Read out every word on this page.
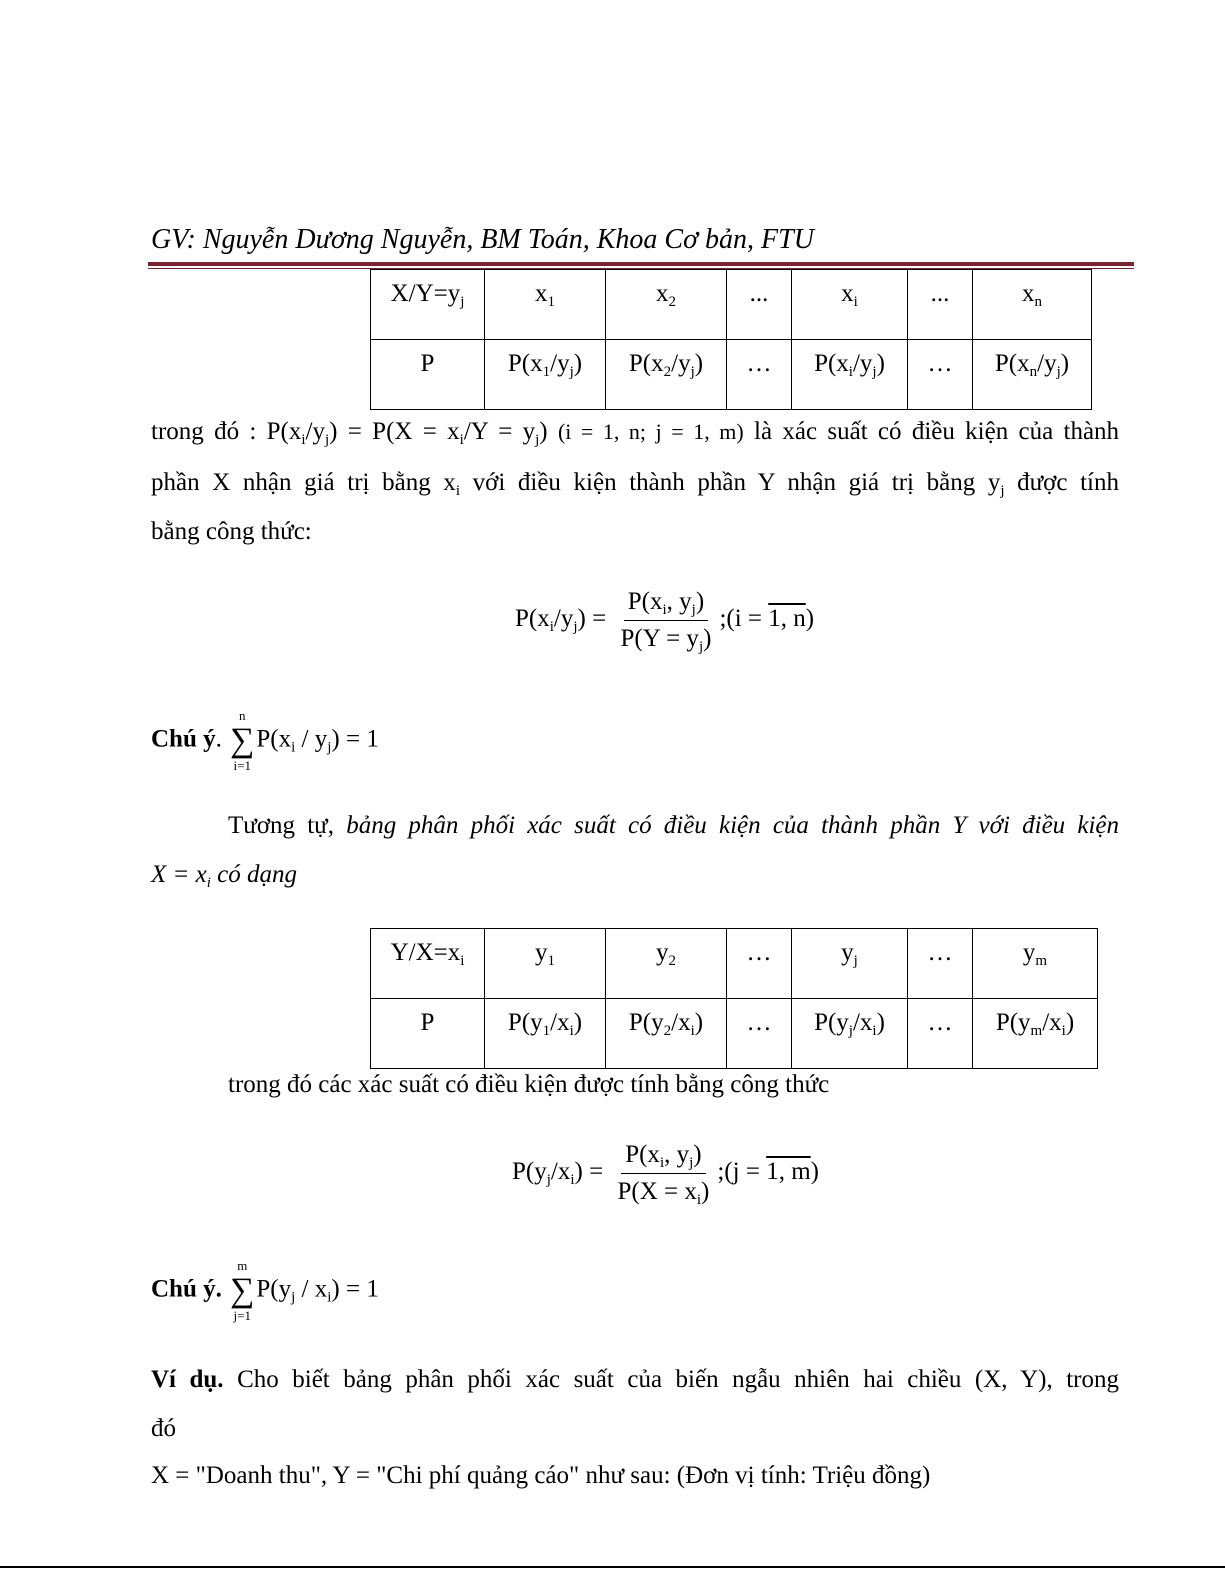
GV: Nguyễn Dương Nguyễn, BM Toán, Khoa Cơ bản, FTU
$X/Y=y_j$	$x_1$	$x_2$	...	$x_i$	...	$x_n$
P	$P(x_1/y_j)$	$P(x_2/y_j)$	…	$P(x_i/y_j)$	…	$P(x_n/y_j)$
trong đó : $P(x_i/y_j) = P(X = x_i/Y = y_j) (i = 1$, n; j = 1, m) là xác suất có điều kiện của thành
phần X nhận giá trị bằng $x_i$ với điều kiện thành phần Y nhận giá trị bằng $y_j$ được tính
bằng công thức:
$P(x_i/y_j) = \frac{P(x_i, y_j)}{P(Y = y_j)}$ ;(i = 1, n)
Chú ý.
n
∑
i=1
$P(x_i / y_j) = 1$
Tương tự, bảng phân phối xác suất có điều kiện của thành phần Y với điều kiện
$X = x_i$ có dạng
$Y/X=x_i$	$y_1$	$y_2$	…	$y_j$	…	$y_m$
P	$P(y_1/x_i)$	$P(y_2/x_i)$	…	$P(y_j/x_i)$	…	$P(y_m/x_i)$
trong đó các xác suất có điều kiện được tính bằng công thức
$P(y_j/x_i) = \frac{P(x_i, y_j)}{P(X = x_i)}$ ;(j = 1, m)
Chú ý.
m
∑
j=1
$P(y_j / x_i) = 1$
Ví dụ. Cho biết bảng phân phối xác suất của biến ngẫu nhiên hai chiều (X, Y), trong
đó
X = "Doanh thu", Y = "Chi phí quảng cáo" như sau: (Đơn vị tính: Triệu đồng)
